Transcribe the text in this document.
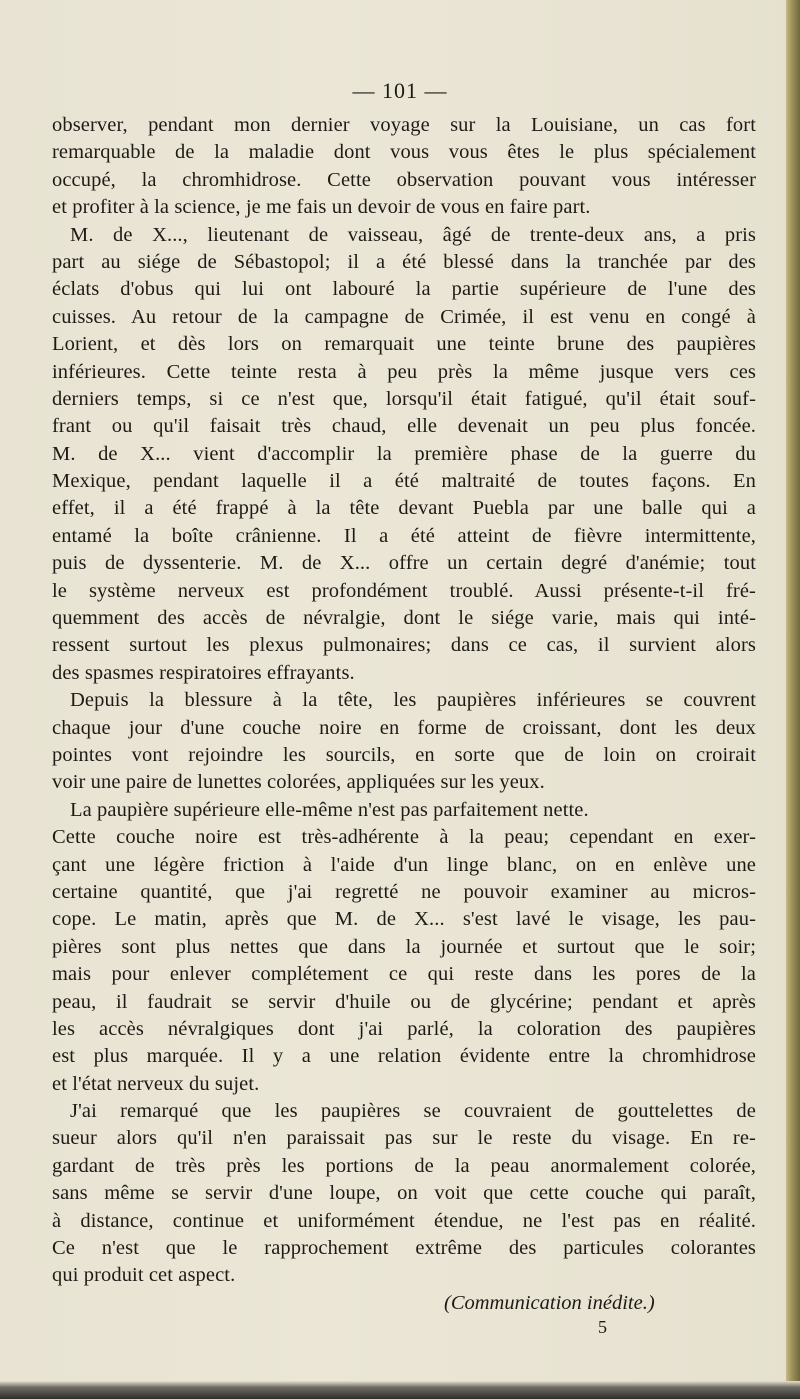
— 101 —
observer, pendant mon dernier voyage sur la Louisiane, un cas fort
remarquable de la maladie dont vous vous êtes le plus spécialement
occupé, la chromhidrose. Cette observation pouvant vous intéresser
et profiter à la science, je me fais un devoir de vous en faire part.
M. de X..., lieutenant de vaisseau, âgé de trente-deux ans, a pris
part au siége de Sébastopol; il a été blessé dans la tranchée par des
éclats d'obus qui lui ont labouré la partie supérieure de l'une des
cuisses. Au retour de la campagne de Crimée, il est venu en congé à
Lorient, et dès lors on remarquait une teinte brune des paupières
inférieures. Cette teinte resta à peu près la même jusque vers ces
derniers temps, si ce n'est que, lorsqu'il était fatigué, qu'il était souf-
frant ou qu'il faisait très chaud, elle devenait un peu plus foncée.
M. de X... vient d'accomplir la première phase de la guerre du
Mexique, pendant laquelle il a été maltraité de toutes façons. En
effet, il a été frappé à la tête devant Puebla par une balle qui a
entamé la boîte crânienne. Il a été atteint de fièvre intermittente,
puis de dyssenterie. M. de X... offre un certain degré d'anémie; tout
le système nerveux est profondément troublé. Aussi présente-t-il fré-
quemment des accès de névralgie, dont le siége varie, mais qui inté-
ressent surtout les plexus pulmonaires; dans ce cas, il survient alors
des spasmes respiratoires effrayants.
Depuis la blessure à la tête, les paupières inférieures se couvrent
chaque jour d'une couche noire en forme de croissant, dont les deux
pointes vont rejoindre les sourcils, en sorte que de loin on croirait
voir une paire de lunettes colorées, appliquées sur les yeux.
La paupière supérieure elle-même n'est pas parfaitement nette.
Cette couche noire est très-adhérente à la peau; cependant en exer-
çant une légère friction à l'aide d'un linge blanc, on en enlève une
certaine quantité, que j'ai regretté ne pouvoir examiner au micros-
cope. Le matin, après que M. de X... s'est lavé le visage, les pau-
pières sont plus nettes que dans la journée et surtout que le soir;
mais pour enlever complétement ce qui reste dans les pores de la
peau, il faudrait se servir d'huile ou de glycérine; pendant et après
les accès névralgiques dont j'ai parlé, la coloration des paupières
est plus marquée. Il y a une relation évidente entre la chromhidrose
et l'état nerveux du sujet.
J'ai remarqué que les paupières se couvraient de gouttelettes de
sueur alors qu'il n'en paraissait pas sur le reste du visage. En re-
gardant de très près les portions de la peau anormalement colorée,
sans même se servir d'une loupe, on voit que cette couche qui paraît,
à distance, continue et uniformément étendue, ne l'est pas en réalité.
Ce n'est que le rapprochement extrême des particules colorantes
qui produit cet aspect.
(Communication inédite.)
5
